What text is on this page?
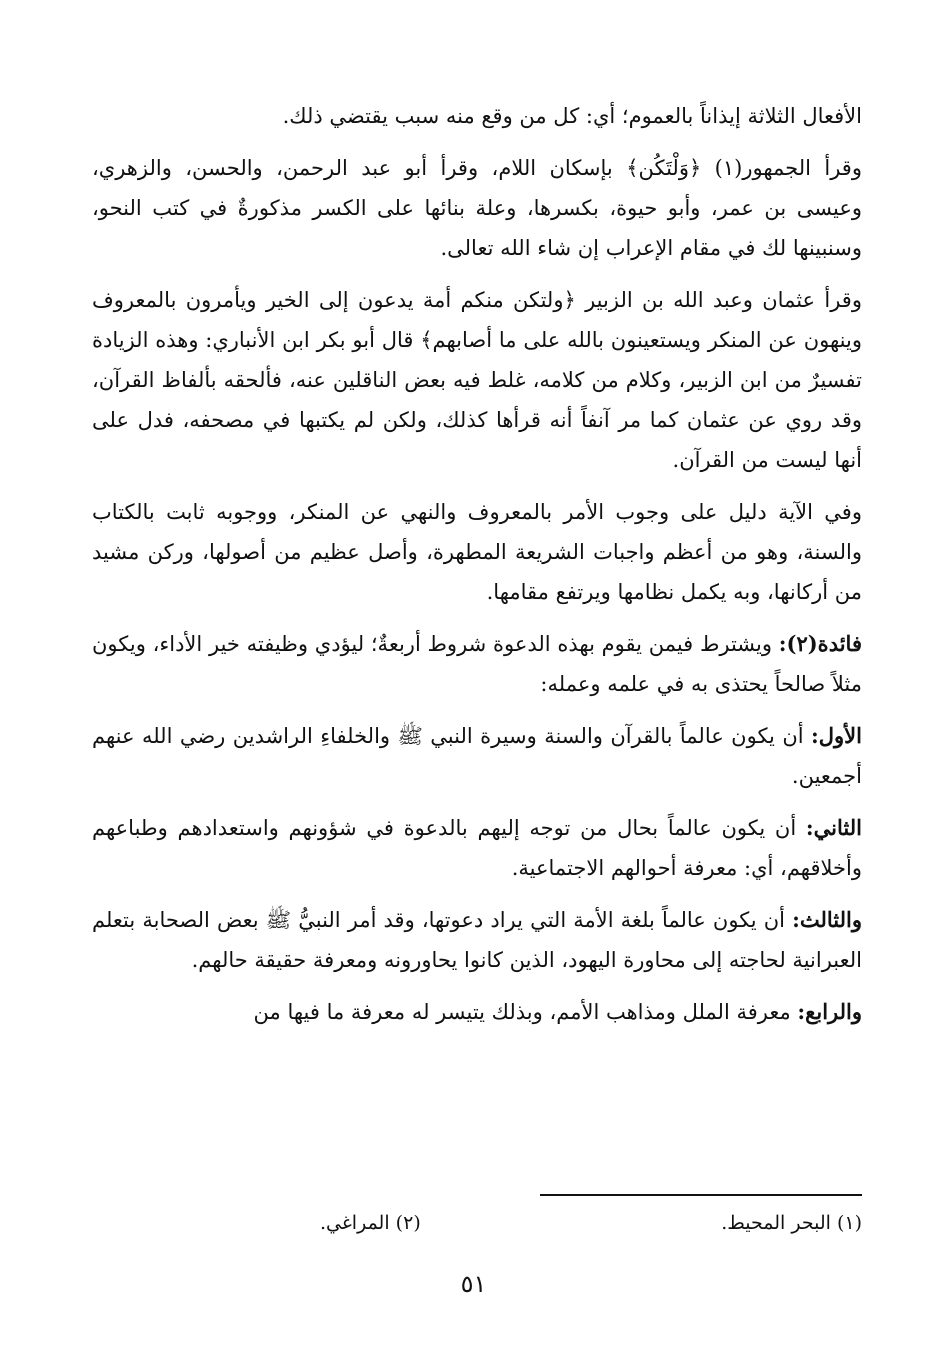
الأفعال الثلاثة إيذاناً بالعموم؛ أي: كل من وقع منه سبب يقتضي ذلك.

وقرأ الجمهور(١) ﴿وَلْتَكُن﴾ بإسكان اللام، وقرأ أبو عبد الرحمن، والحسن، والزهري، وعيسى بن عمر، وأبو حيوة، بكسرها، وعلة بنائها على الكسر مذكورةٌ في كتب النحو، وسنبينها لك في مقام الإعراب إن شاء الله تعالى.

وقرأ عثمان وعبد الله بن الزبير ﴿ولتكن منكم أمة يدعون إلى الخير ويأمرون بالمعروف وينهون عن المنكر ويستعينون بالله على ما أصابهم﴾ قال أبو بكر ابن الأنباري: وهذه الزيادة تفسيرٌ من ابن الزبير، وكلام من كلامه، غلط فيه بعض الناقلين عنه، فألحقه بألفاظ القرآن، وقد روي عن عثمان كما مر آنفاً أنه قرأها كذلك، ولكن لم يكتبها في مصحفه، فدل على أنها ليست من القرآن.

وفي الآية دليل على وجوب الأمر بالمعروف والنهي عن المنكر، ووجوبه ثابت بالكتاب والسنة، وهو من أعظم واجبات الشريعة المطهرة، وأصل عظيم من أصولها، وركن مشيد من أركانها، وبه يكمل نظامها ويرتفع مقامها.

فائدة(٢): ويشترط فيمن يقوم بهذه الدعوة شروط أربعةٌ؛ ليؤدي وظيفته خير الأداء، ويكون مثلاً صالحاً يحتذى به في علمه وعمله:

الأول: أن يكون عالماً بالقرآن والسنة وسيرة النبي ﷺ والخلفاءِ الراشدين رضي الله عنهم أجمعين.

الثاني: أن يكون عالماً بحال من توجه إليهم بالدعوة في شؤونهم واستعدادهم وطباعهم وأخلاقهم، أي: معرفة أحوالهم الاجتماعية.

والثالث: أن يكون عالماً بلغة الأمة التي يراد دعوتها، وقد أمر النبيُّ ﷺ بعض الصحابة بتعلم العبرانية لحاجته إلى محاورة اليهود، الذين كانوا يحاورونه ومعرفة حقيقة حالهم.

والرابع: معرفة الملل ومذاهب الأمم، وبذلك يتيسر له معرفة ما فيها من

(١) البحر المحيط.
(٢) المراغي.
٥١
